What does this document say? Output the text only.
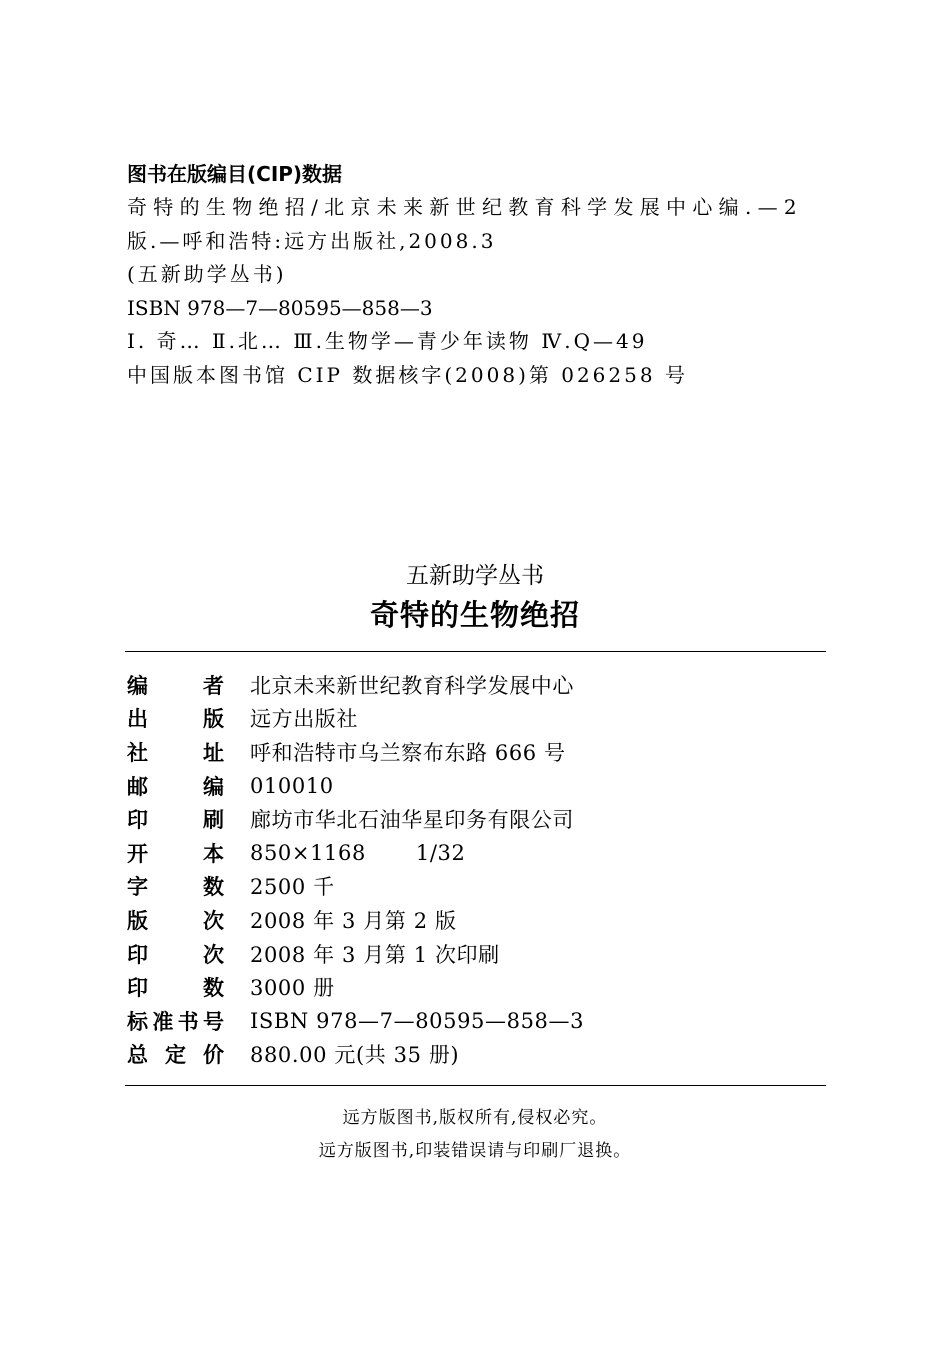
图书在版编目(CIP)数据
奇特的生物绝招/北京未来新世纪教育科学发展中心编.—2
版.—呼和浩特:远方出版社,2008.3
(五新助学丛书)
ISBN 978—7—80595—858—3
Ⅰ. 奇… Ⅱ.北… Ⅲ.生物学—青少年读物 Ⅳ.Q—49
中国版本图书馆 CIP 数据核字(2008)第 026258 号
五新助学丛书
奇特的生物绝招
编　　者 北京未来新世纪教育科学发展中心
出　　版 远方出版社
社　　址 呼和浩特市乌兰察布东路 666 号
邮　　编 010010
印　　刷 廊坊市华北石油华星印务有限公司
开　　本 850×1168 1/32
字　　数 2500 千
版　　次 2008 年 3 月第 2 版
印　　次 2008 年 3 月第 1 次印刷
印　　数 3000 册
标准书号 ISBN 978—7—80595—858—3
总 定 价 880.00 元(共 35 册)
远方版图书,版权所有,侵权必究。
远方版图书,印装错误请与印刷厂退换。
